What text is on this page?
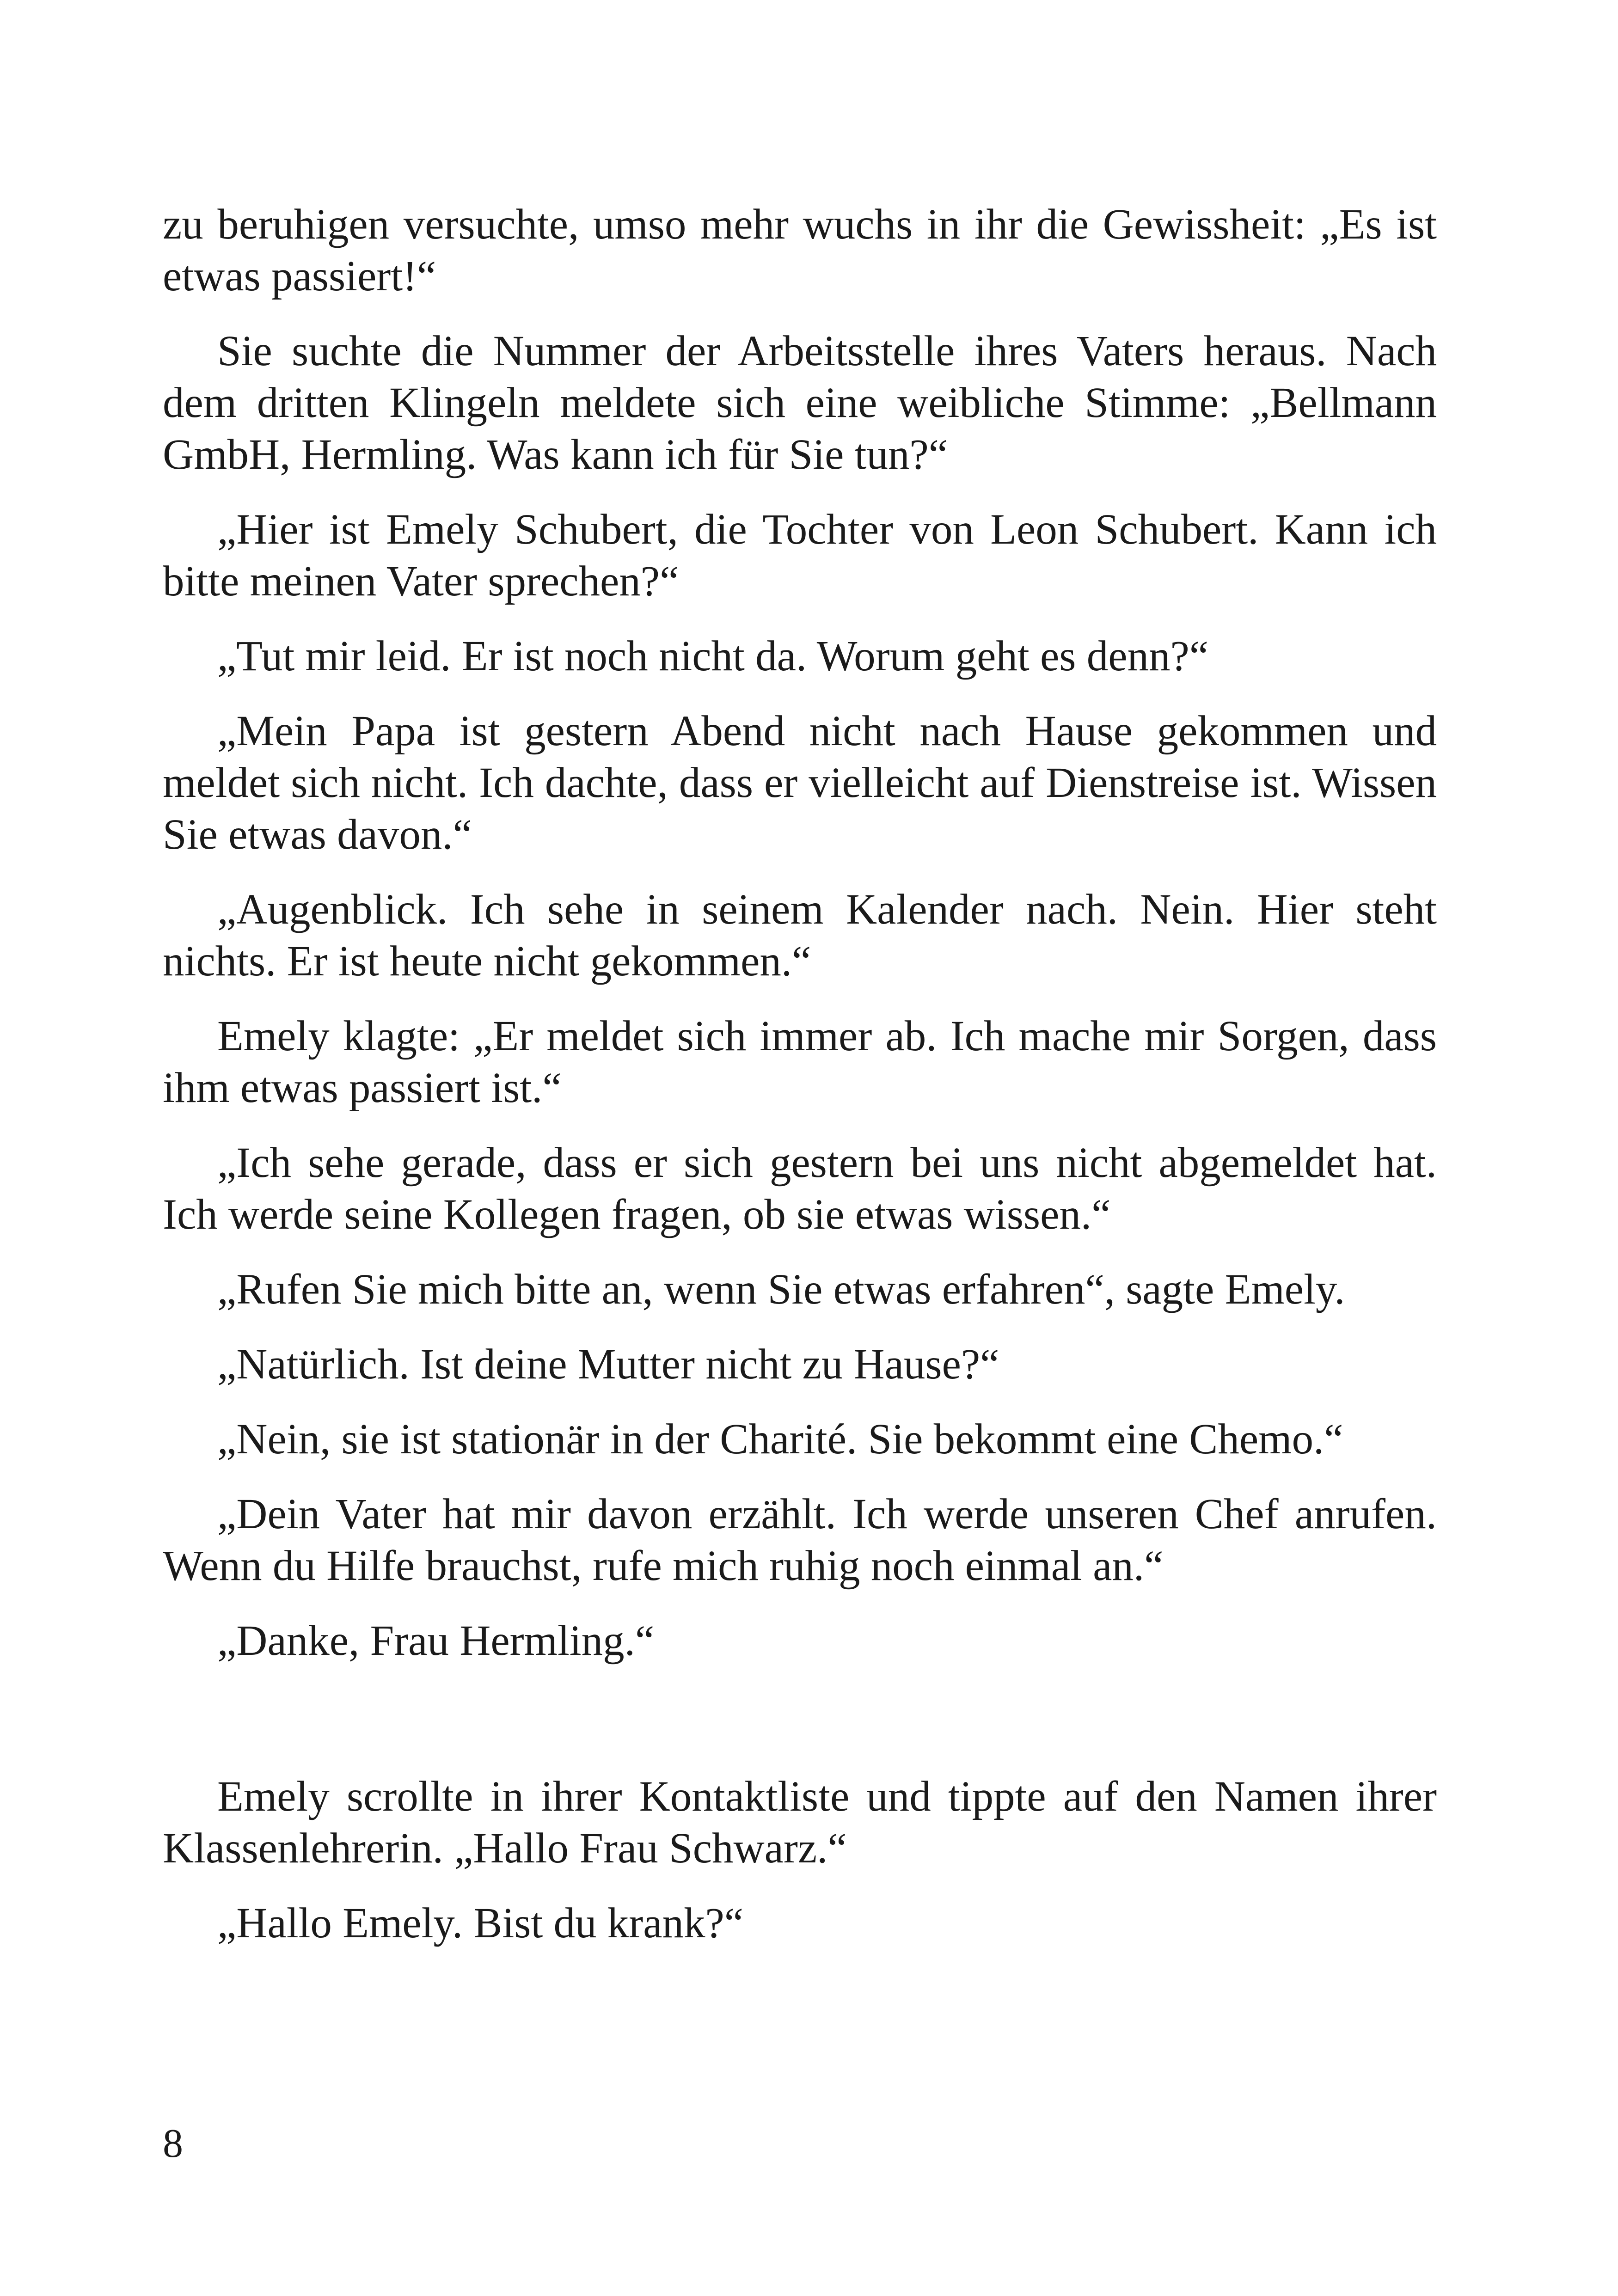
zu beruhigen versuchte, umso mehr wuchs in ihr die Gewissheit: „Es ist etwas passiert!“

Sie suchte die Nummer der Arbeitsstelle ihres Vaters heraus. Nach dem dritten Klingeln meldete sich eine weibliche Stimme: „Bellmann GmbH, Hermling. Was kann ich für Sie tun?“

„Hier ist Emely Schubert, die Tochter von Leon Schubert. Kann ich bitte meinen Vater sprechen?“

„Tut mir leid. Er ist noch nicht da. Worum geht es denn?“

„Mein Papa ist gestern Abend nicht nach Hause gekommen und meldet sich nicht. Ich dachte, dass er vielleicht auf Dienstreise ist. Wissen Sie etwas davon.“

„Augenblick. Ich sehe in seinem Kalender nach. Nein. Hier steht nichts. Er ist heute nicht gekommen.“

Emely klagte: „Er meldet sich immer ab. Ich mache mir Sorgen, dass ihm etwas passiert ist.“

„Ich sehe gerade, dass er sich gestern bei uns nicht abgemeldet hat. Ich werde seine Kollegen fragen, ob sie etwas wissen.“

„Rufen Sie mich bitte an, wenn Sie etwas erfahren“, sagte Emely.

„Natürlich. Ist deine Mutter nicht zu Hause?“

„Nein, sie ist stationär in der Charité. Sie bekommt eine Chemo.“

„Dein Vater hat mir davon erzählt. Ich werde unseren Chef anrufen. Wenn du Hilfe brauchst, rufe mich ruhig noch einmal an.“

„Danke, Frau Hermling.“

Emely scrollte in ihrer Kontaktliste und tippte auf den Namen ihrer Klassenlehrerin. „Hallo Frau Schwarz.“

„Hallo Emely. Bist du krank?“

8
